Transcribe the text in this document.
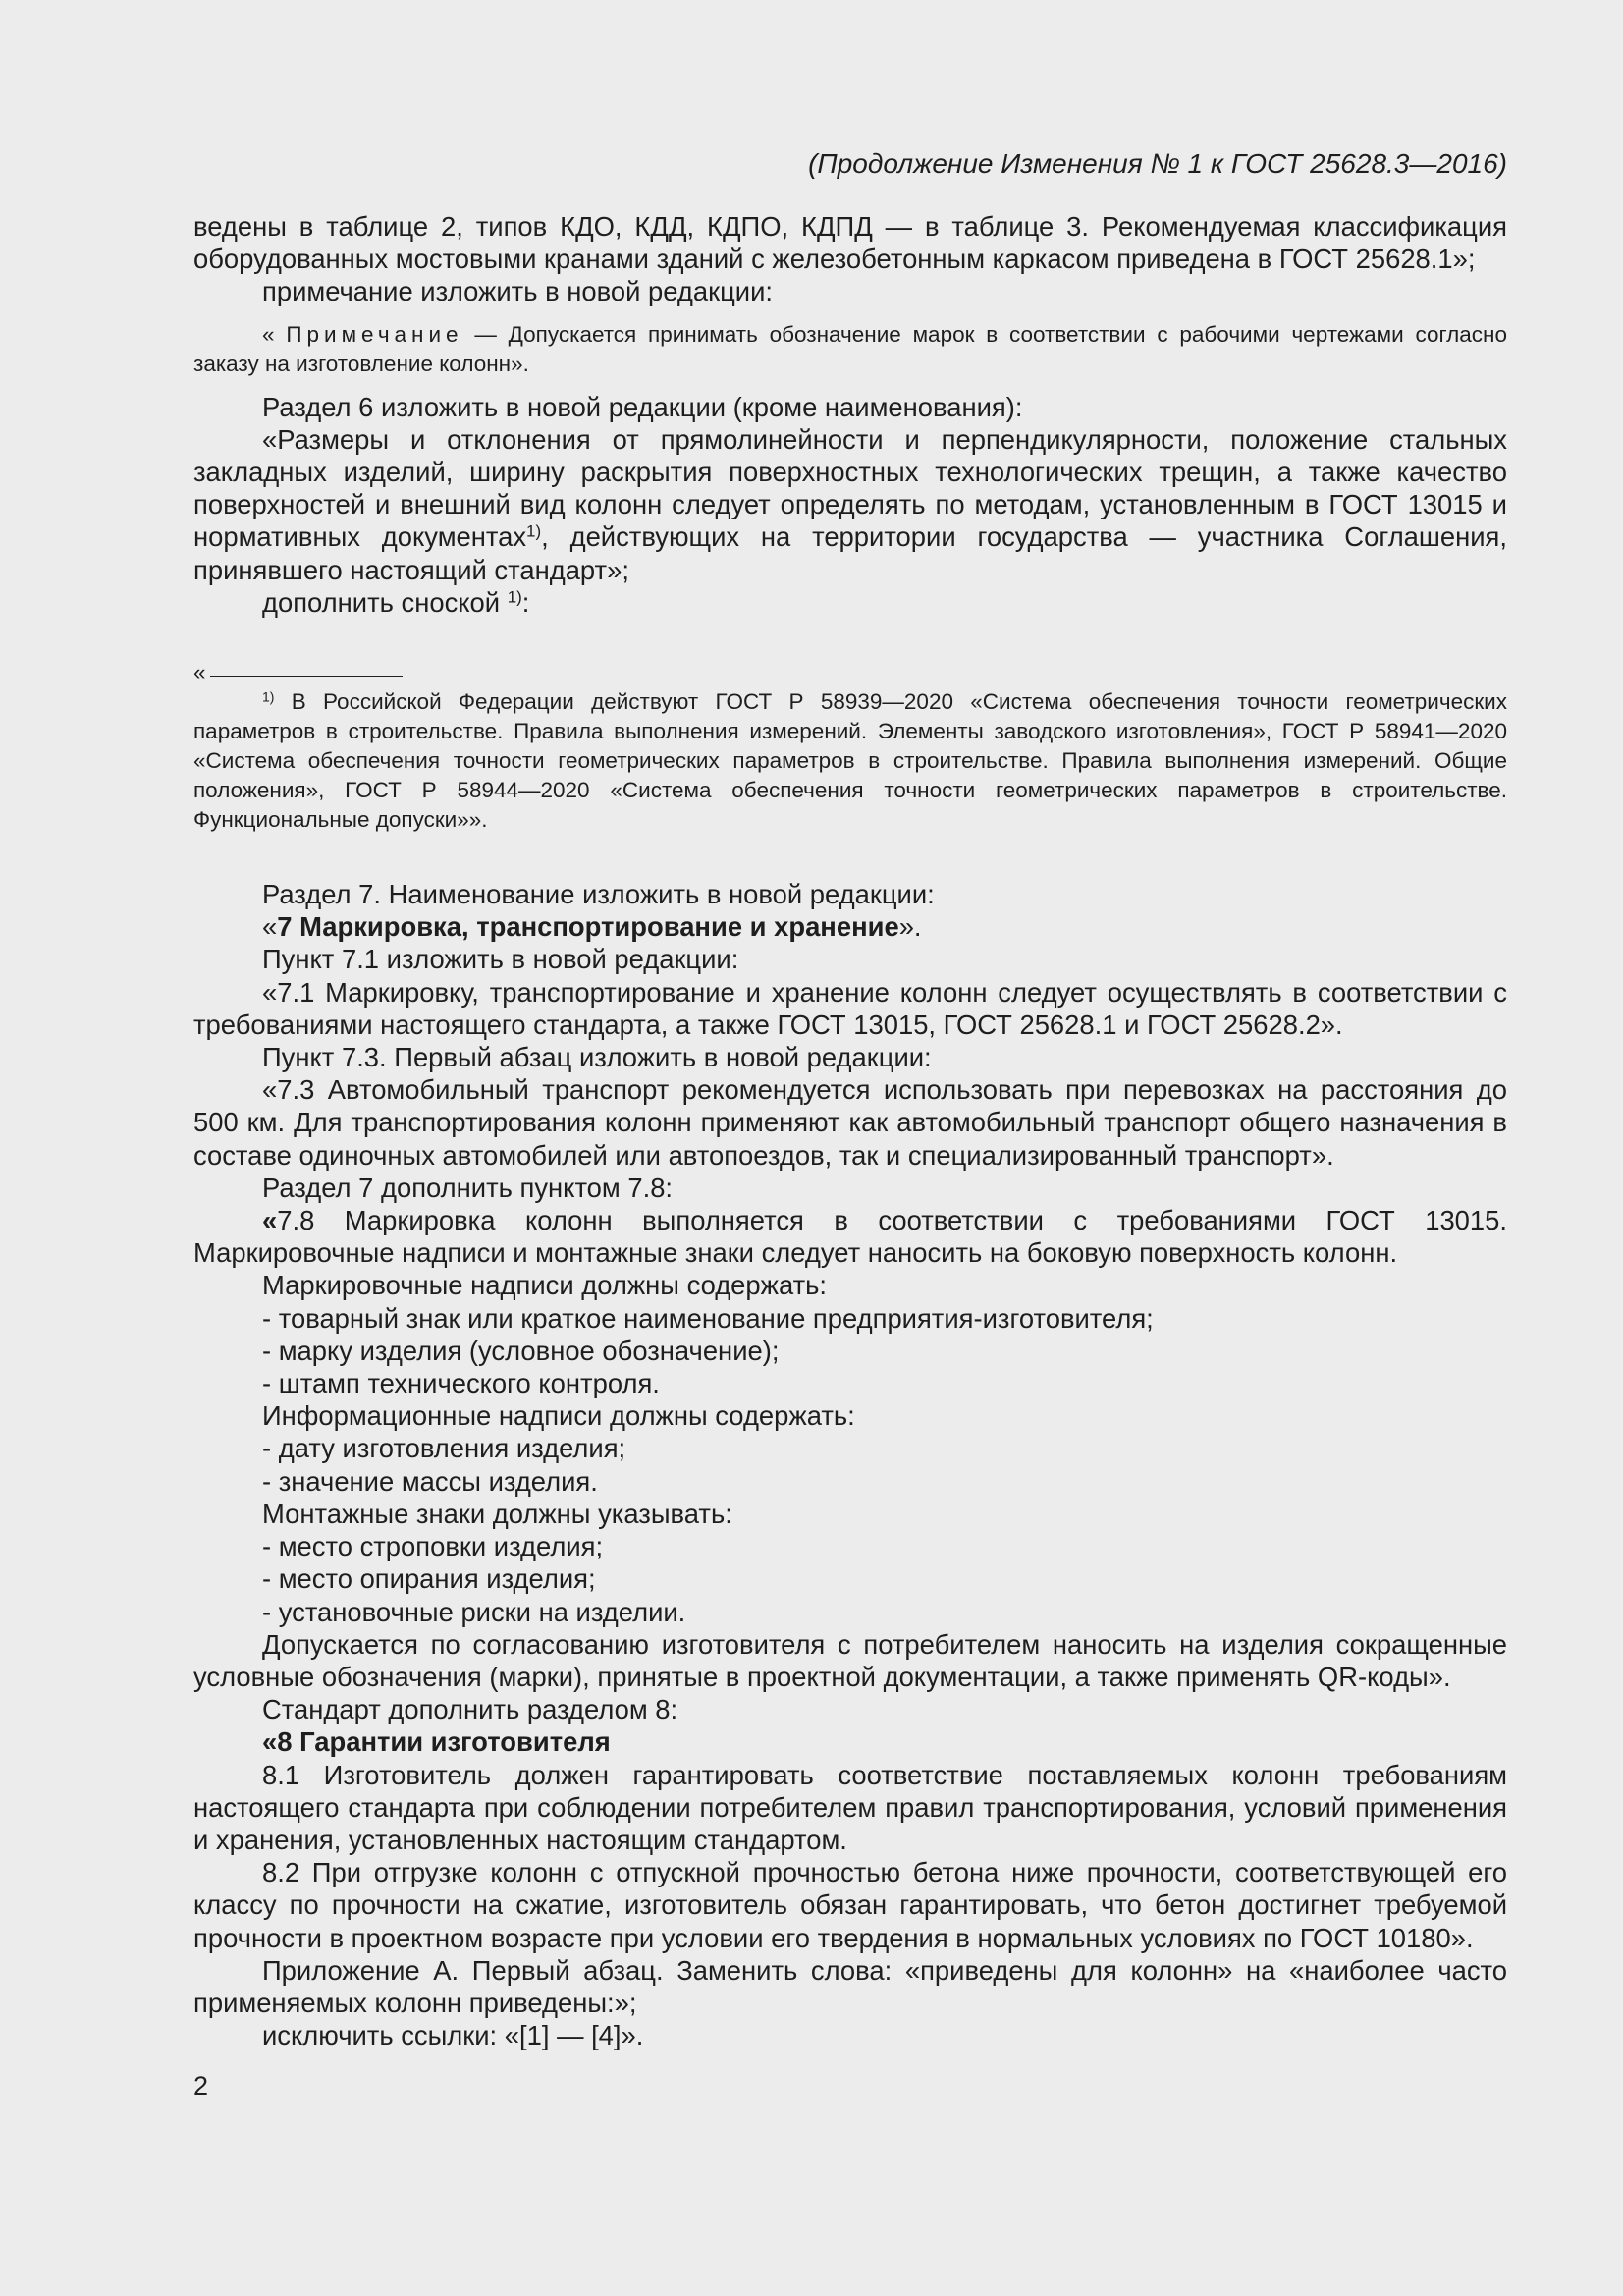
(Продолжение Изменения № 1 к ГОСТ 25628.3—2016)

ведены в таблице 2, типов КДО, КДД, КДПО, КДПД — в таблице 3. Рекомендуемая классификация оборудованных мостовыми кранами зданий с железобетонным каркасом приведена в ГОСТ 25628.1»;

примечание изложить в новой редакции:

« Примечание — Допускается принимать обозначение марок в соответствии с рабочими чертежами согласно заказу на изготовление колонн».

Раздел 6 изложить в новой редакции (кроме наименования):

«Размеры и отклонения от прямолинейности и перпендикулярности, положение стальных закладных изделий, ширину раскрытия поверхностных технологических трещин, а также качество поверхностей и внешний вид колонн следует определять по методам, установленным в ГОСТ 13015 и нормативных документах$^{1)}$, действующих на территории государства — участника Соглашения, принявшего настоящий стандарт»;

дополнить сноской $^{1)}$:

«

$^{1)}$ В Российской Федерации действуют ГОСТ Р 58939—2020 «Система обеспечения точности геометрических параметров в строительстве. Правила выполнения измерений. Элементы заводского изготовления», ГОСТ Р 58941—2020 «Система обеспечения точности геометрических параметров в строительстве. Правила выполнения измерений. Общие положения», ГОСТ Р 58944—2020 «Система обеспечения точности геометрических параметров в строительстве. Функциональные допуски»».

Раздел 7. Наименование изложить в новой редакции:

«7 Маркировка, транспортирование и хранение».

Пункт 7.1 изложить в новой редакции:

«7.1 Маркировку, транспортирование и хранение колонн следует осуществлять в соответствии с требованиями настоящего стандарта, а также ГОСТ 13015, ГОСТ 25628.1 и ГОСТ 25628.2».

Пункт 7.3. Первый абзац изложить в новой редакции:

«7.3 Автомобильный транспорт рекомендуется использовать при перевозках на расстояния до 500 км. Для транспортирования колонн применяют как автомобильный транспорт общего назначения в составе одиночных автомобилей или автопоездов, так и специализированный транспорт».

Раздел 7 дополнить пунктом 7.8:

«7.8 Маркировка колонн выполняется в соответствии с требованиями ГОСТ 13015. Маркировочные надписи и монтажные знаки следует наносить на боковую поверхность колонн.

Маркировочные надписи должны содержать:

- товарный знак или краткое наименование предприятия-изготовителя;

- марку изделия (условное обозначение);

- штамп технического контроля.

Информационные надписи должны содержать:

- дату изготовления изделия;

- значение массы изделия.

Монтажные знаки должны указывать:

- место строповки изделия;

- место опирания изделия;

- установочные риски на изделии.

Допускается по согласованию изготовителя с потребителем наносить на изделия сокращенные условные обозначения (марки), принятые в проектной документации, а также применять QR-коды».

Стандарт дополнить разделом 8:

«8 Гарантии изготовителя

8.1 Изготовитель должен гарантировать соответствие поставляемых колонн требованиям настоящего стандарта при соблюдении потребителем правил транспортирования, условий применения и хранения, установленных настоящим стандартом.

8.2 При отгрузке колонн с отпускной прочностью бетона ниже прочности, соответствующей его классу по прочности на сжатие, изготовитель обязан гарантировать, что бетон достигнет требуемой прочности в проектном возрасте при условии его твердения в нормальных условиях по ГОСТ 10180».

Приложение А. Первый абзац. Заменить слова: «приведены для колонн» на «наиболее часто применяемых колонн приведены:»;

исключить ссылки: «[1] — [4]».

2
